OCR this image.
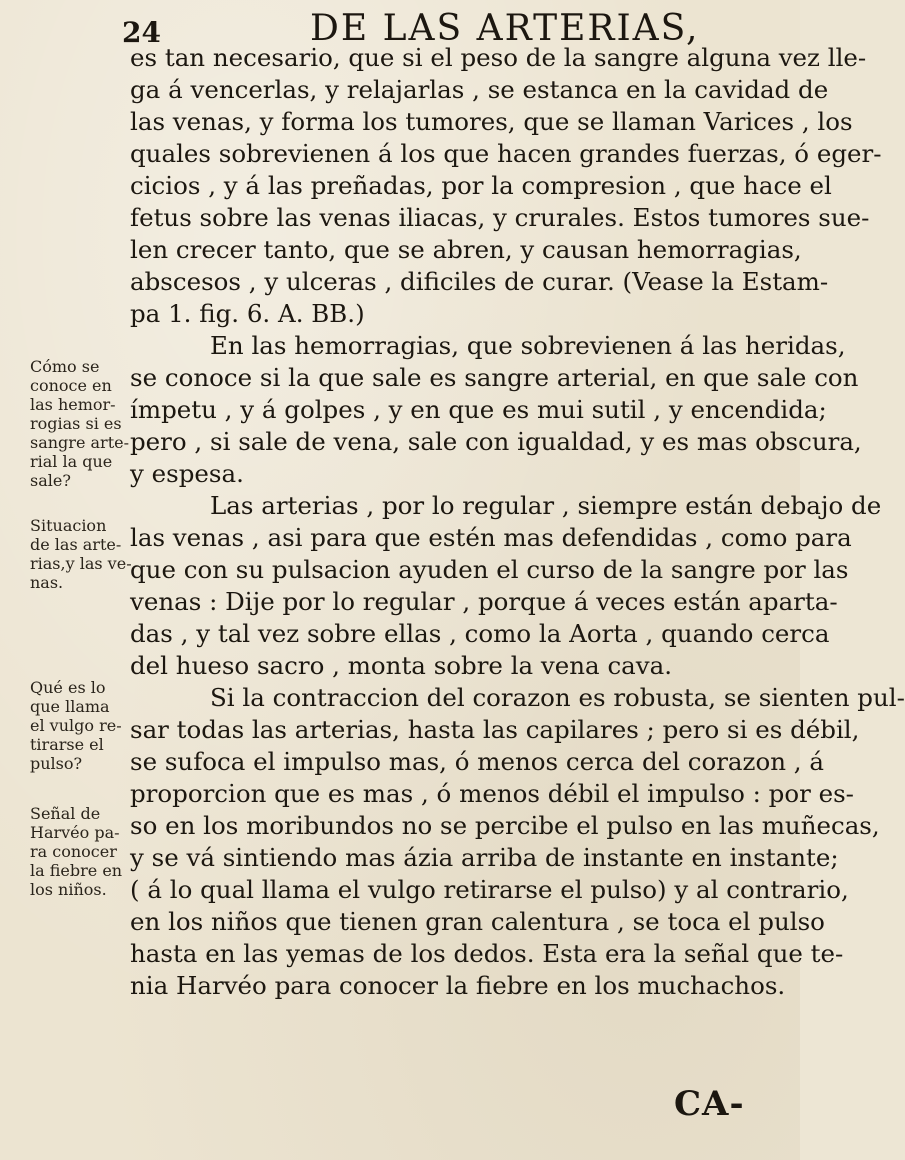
24	DE LAS ARTERIAS,
es tan necesario, que si el peso de la sangre alguna vez lle-
ga á vencerlas, y relajarlas , se estanca en la cavidad de
las venas, y forma los tumores, que se llaman Varices , los
quales sobrevienen á los que hacen grandes fuerzas, ó eger-
cicios , y á las preñadas, por la compresion , que hace el
fetus sobre las venas iliacas, y crurales. Estos tumores sue-
len crecer tanto, que se abren, y causan hemorragias,
abscesos , y ulceras , dificiles de curar. (Vease la Estam-
pa 1. fig. 6. A. BB.)
En las hemorragias, que sobrevienen á las heridas,
se conoce si la que sale es sangre arterial, en que sale con
ímpetu , y á golpes , y en que es mui sutil , y encendida;
pero , si sale de vena, sale con igualdad, y es mas obscura,
y espesa.
Las arterias , por lo regular , siempre están debajo de
las venas , asi para que estén mas defendidas , como para
que con su pulsacion ayuden el curso de la sangre por las
venas : Dije por lo regular , porque á veces están aparta-
das , y tal vez sobre ellas , como la Aorta , quando cerca
del hueso sacro , monta sobre la vena cava.
Si la contraccion del corazon es robusta, se sienten pul-
sar todas las arterias, hasta las capilares ; pero si es débil,
se sufoca el impulso mas, ó menos cerca del corazon , á
proporcion que es mas , ó menos débil el impulso : por es-
so en los moribundos no se percibe el pulso en las muñecas,
y se vá sintiendo mas ázia arriba de instante en instante;
( á lo qual llama el vulgo retirarse el pulso) y al contrario,
en los niños que tienen gran calentura , se toca el pulso
hasta en las yemas de los dedos. Esta era la señal que te-
nia Harvéo para conocer la fiebre en los muchachos.
Cómo se
conoce en
las hemor-
rogias si es
sangre arte-
rial la que
sale?
Situacion
de las arte-
rias,y las ve-
nas.
Qué es lo
que llama
el vulgo re-
tirarse el
pulso?
Señal de
Harvéo pa-
ra conocer
la fiebre en
los niños.
CA-
